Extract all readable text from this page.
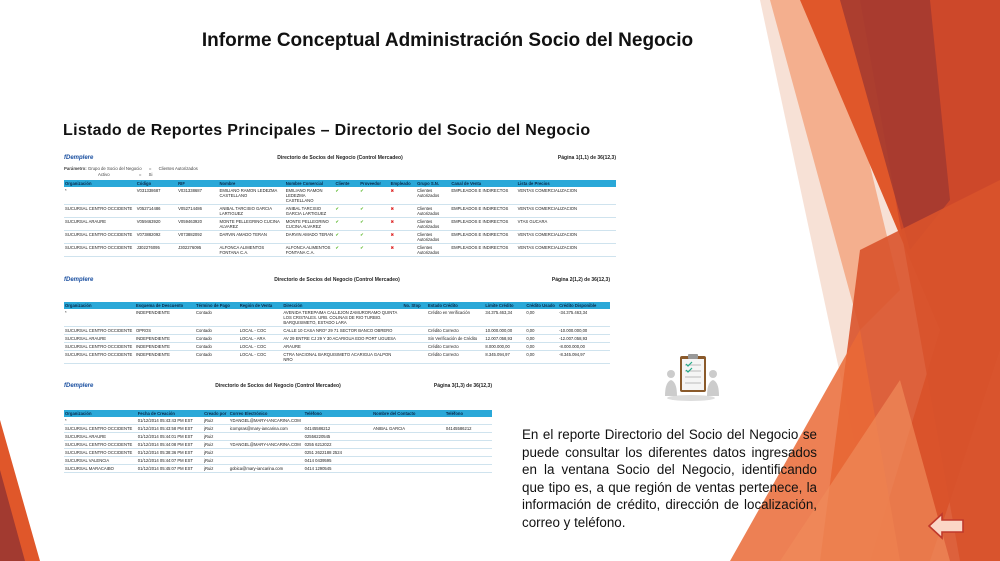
Informe Conceptual Administración Socio del Negocio
Listado de Reportes Principales – Directorio del Socio del Negocio
fDemplere	Directorio de Socios del Negocio (Control Mercadeo)	Página 1(1,1) de 36(12,3)
Parámetro: Grupo de Socio del Negocio = Clientes Autorizados
Activo	= Si
Organización	Código	RIF	Nombre	Nombre Comercial	Cliente	Proveedor	Empleado	Grupo S.N.	Canal de Venta	Lista de Precios
*	V031338687	V031338687	EMILIANO RAMON LEDEZMA CASTELLANO	EMILIANO RAMON LEDEZMA CASTELLANO	✔	✔	✖	Clientes Autorizados	EMPLEADOS E INDIRECTOS	VENTAS COMERCIALIZACION
SUCURSAL CENTRO OCCIDENTE	V052714486	V052714486	ANIBAL TARCISIO GARCIA LARTIGUEZ	ANIBAL TARCISIO GARCIA LARTIGUEZ	✔	✔	✖	Clientes Autorizados	EMPLEADOS E INDIRECTOS	VENTAS COMERCIALIZACION
SUCURSAL ARAURE	V059463920	V059463920	MONTE PELLEGRINO CUCINA ALVAREZ	MONTE PELLEGRINO CUCINA ALVAREZ	✔	✔	✖	Clientes Autorizados	EMPLEADOS E INDIRECTOS	VTAS GUCARA
SUCURSAL CENTRO OCCIDENTE	V073882092	V073882092	DARVIN AMADO TERAN	DARVIN AMADO TERAN	✔	✔	✖	Clientes Autorizados	EMPLEADOS E INDIRECTOS	VENTAS COMERCIALIZACION
SUCURSAL CENTRO OCCIDENTE	J302276095	J302276095	ALFONCA ALIMENTOS FONTANA C.A.	ALFONCA ALIMENTOS FONTANA C.A.	✔	✔	✖	Clientes Autorizados	EMPLEADOS E INDIRECTOS	VENTAS COMERCIALIZACION
fDemplere	Directorio de Socios del Negocio (Control Mercadeo)	Página 2(1,2) de 36(12,3)
Organización	Esquema de Descuento	Término de Pago	Región de Venta	Dirección	No. Stop	Estado Crédito	Límite Crédito	Crédito Usado	Crédito Disponible
*	INDEPENDIENTE	Contado		AVENIDA TEREPAIMA CALLEJON ZAMURORAMO QUINTA LOS CRISTALES. URB. COLINAS DE RIO TURBIO. BARQUISIMETO, ESTADO LARA		Crédito en Verificación	34.375.463,34	0,00	-34.375.463,34
SUCURSAL CENTRO OCCIDENTE	OPROS	Contado	LOCAL - COC	CALLE 10 CASA NRO* 29 71 SECTOR BANCO OBRERO		Crédito Correcto	10.000.000,00	0,00	-10.000.000,00
SUCURSAL ARAURE	INDEPENDIENTE	Contado	LOCAL - ARA	AV 29 ENTRE CJ 29 Y 30 ACARIGUA EDO PORT UGUESA		Sin Verificación de Crédito	12.007.058,93	0,00	-12.007.058,93
SUCURSAL CENTRO OCCIDENTE	INDEPENDIENTE	Contado	LOCAL - COC	ARAURE		Crédito Correcto	8.000.000,00	0,00	-8.000.000,00
SUCURSAL CENTRO OCCIDENTE	INDEPENDIENTE	Contado	LOCAL - COC	CTRA NACIONAL BARQUISIMETO ACARIGUA GALPON NRO		Crédito Correcto	8.345.094,97	0,00	-8.345.094,97
fDemplere	Directorio de Socios del Negocio (Control Mercadeo)	Página 3(1,3) de 36(12,3)
Organización	Fecha de Creación	Creado por	Correo Electrónico	Teléfono	Nombre del Contacto	Teléfono
*	01/12/2014 05:43:43 PM EST	jRuiz	YDANGEL@MARY-IANCARINA.COM			
SUCURSAL CENTRO OCCIDENTE	01/12/2014 05:43:58 PM EST	jRuiz	icompras@mary-iancarina.com	04145586212	ANIBAL GARCIA	04145586212
SUCURSAL ARAURE	01/12/2014 05:44:01 PM EST	jRuiz		02556220545		
SUCURSAL CENTRO OCCIDENTE	01/12/2014 05:44:08 PM EST	jRuiz	YDANGEL@MARY-IANCARINA.COM	0255 6212022		
SUCURSAL CENTRO OCCIDENTE	01/12/2014 05:38:36 PM EST	jRuiz		0251 2622188 2524		
SUCURSAL VALENCIA	01/12/2014 05:44:07 PM EST	jRuiz		0414 0439595		
SUCURSAL MARACAIBO	01/12/2014 05:45:07 PM EST	jRuiz	gobica@mary-iancarina.com	0414 1290545		
En el reporte Directorio del Socio del Negocio se puede consultar los diferentes datos ingresados en la ventana Socio del Negocio, identificando que tipo es, a que región de ventas pertenece, la información de crédito, dirección de localización, correo y teléfono.
